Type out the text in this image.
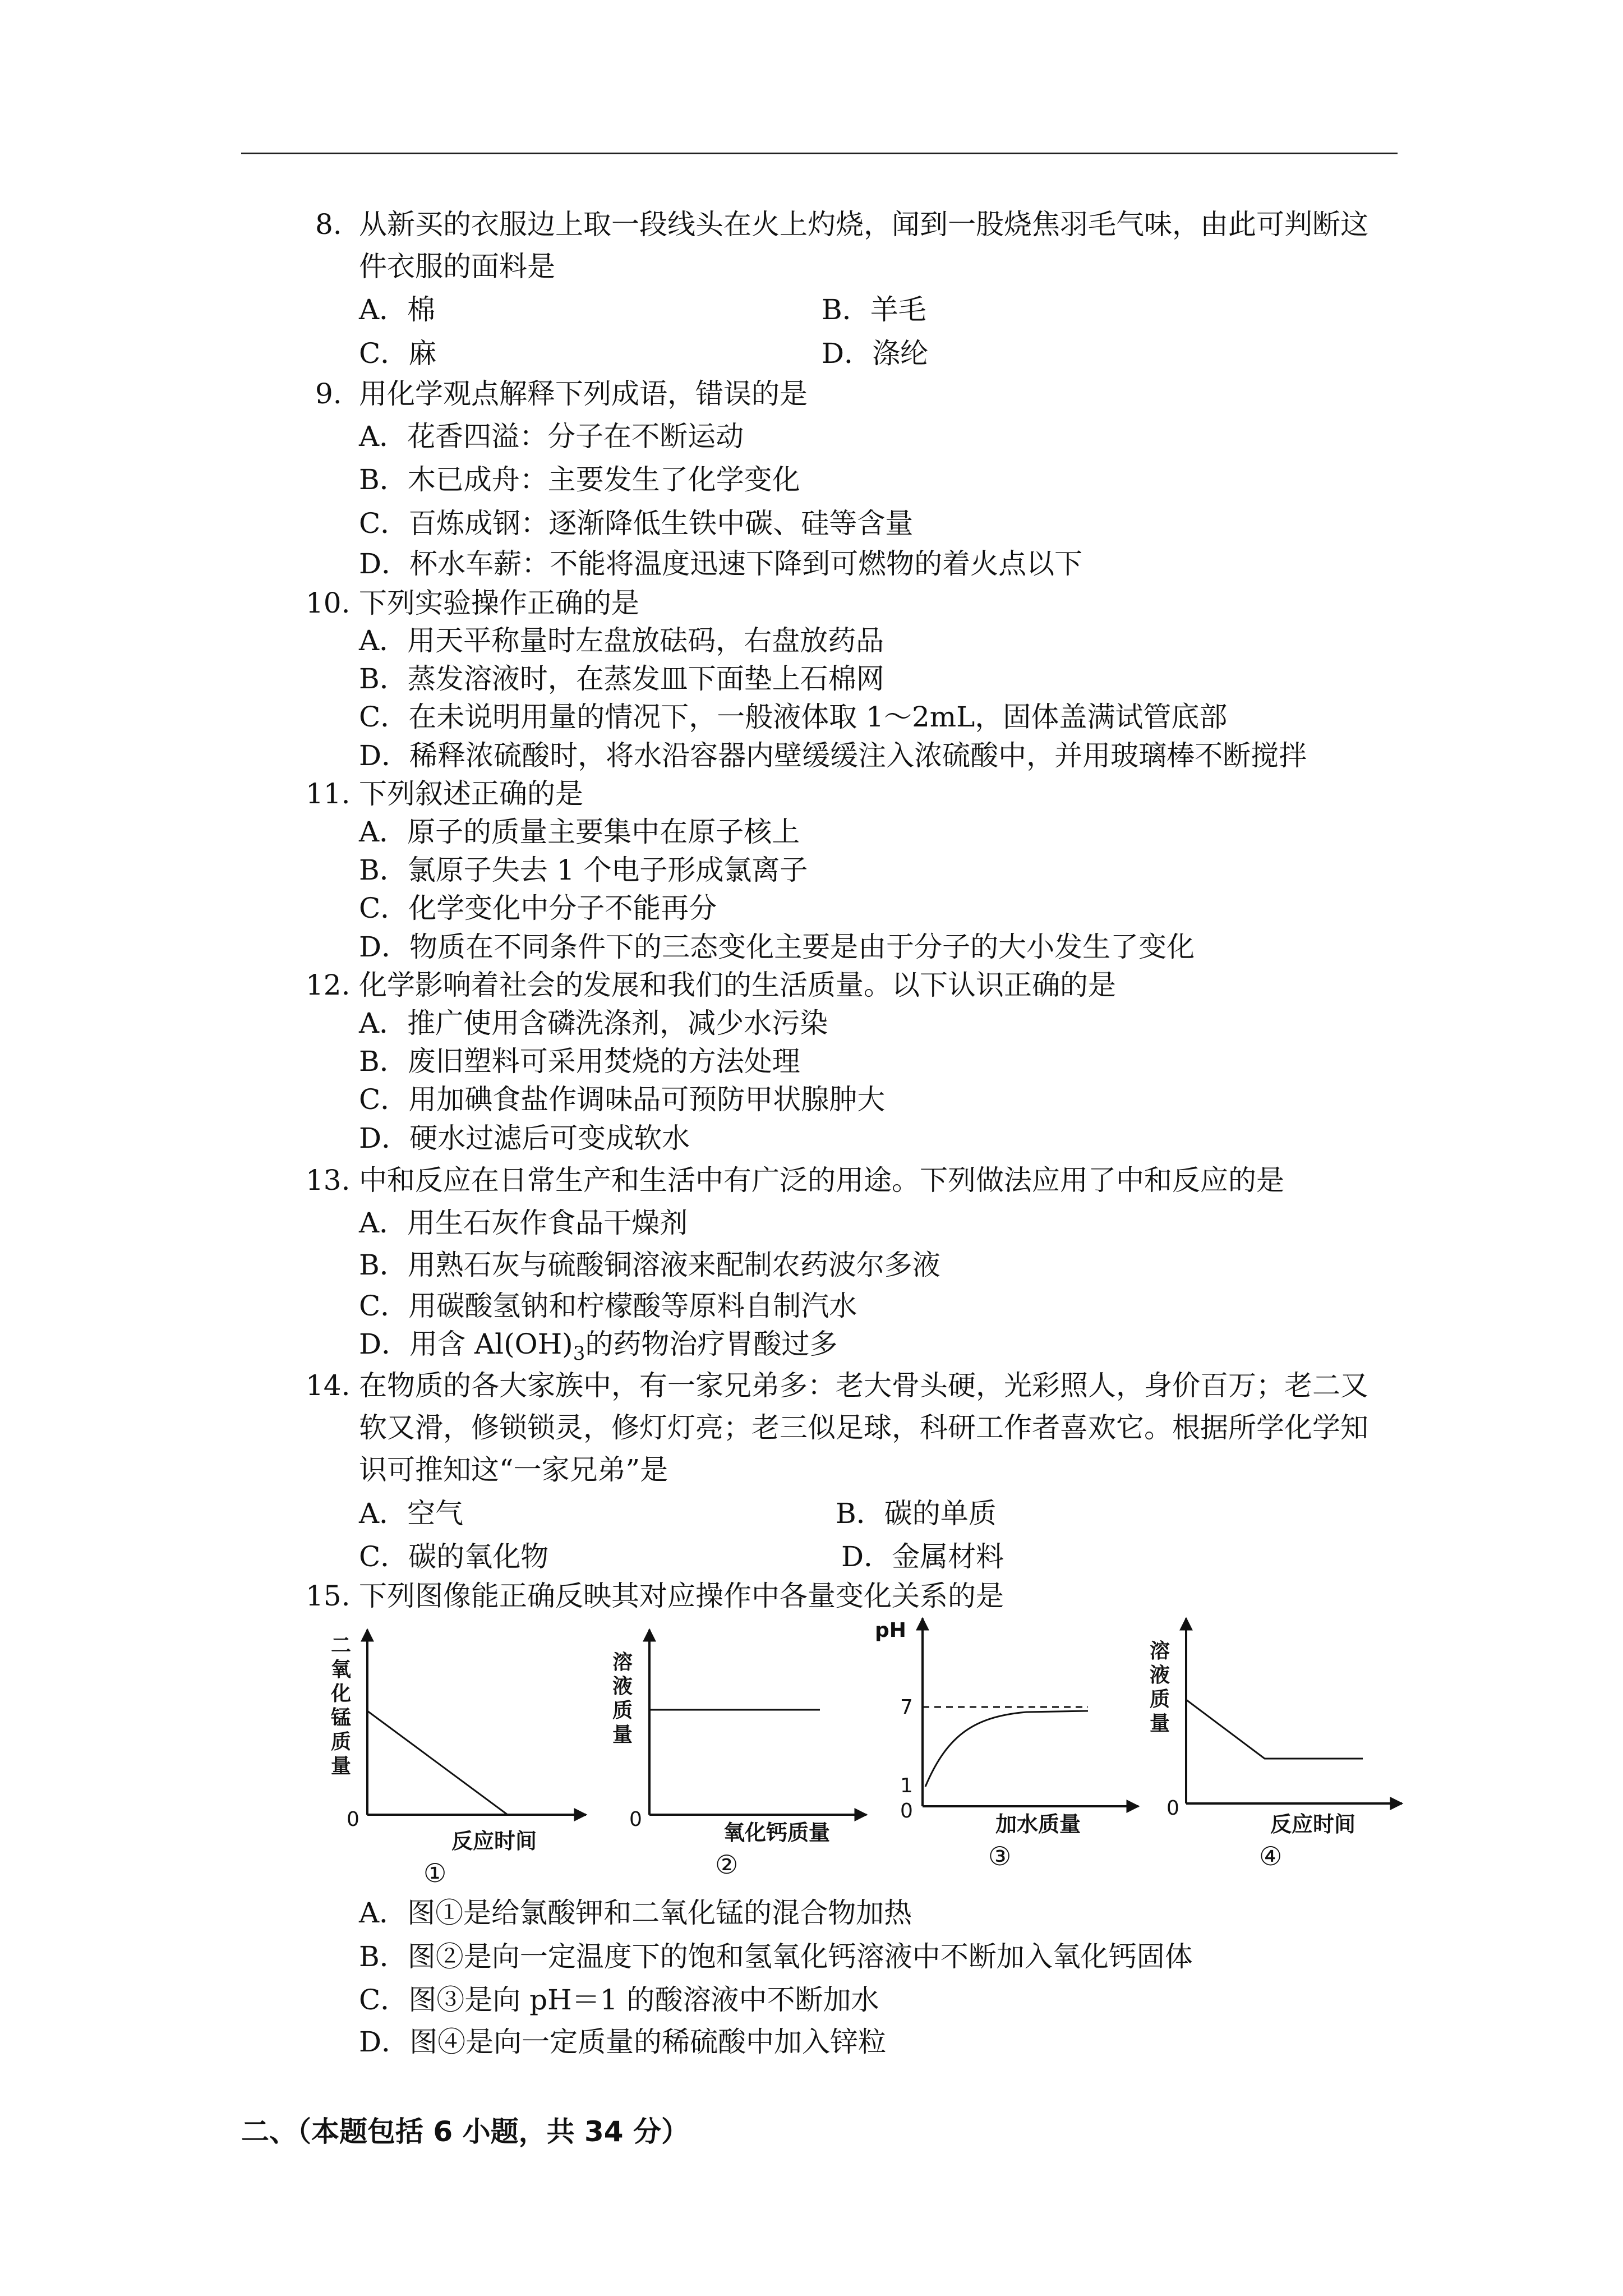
8. 从新买的衣服边上取一段线头在火上灼烧，闻到一股烧焦羽毛气味，由此可判断这
件衣服的面料是
A．棉	B．羊毛
C．麻	D．涤纶
9. 用化学观点解释下列成语，错误的是
A．花香四溢：分子在不断运动
B．木已成舟：主要发生了化学变化
C．百炼成钢：逐渐降低生铁中碳、硅等含量
D．杯水车薪：不能将温度迅速下降到可燃物的着火点以下
10. 下列实验操作正确的是
A．用天平称量时左盘放砝码，右盘放药品
B．蒸发溶液时，在蒸发皿下面垫上石棉网
C．在未说明用量的情况下，一般液体取 1～2mL，固体盖满试管底部
D．稀释浓硫酸时，将水沿容器内壁缓缓注入浓硫酸中，并用玻璃棒不断搅拌
11. 下列叙述正确的是
A．原子的质量主要集中在原子核上
B．氯原子失去 1 个电子形成氯离子
C．化学变化中分子不能再分
D．物质在不同条件下的三态变化主要是由于分子的大小发生了变化
12. 化学影响着社会的发展和我们的生活质量。以下认识正确的是
A．推广使用含磷洗涤剂，减少水污染
B．废旧塑料可采用焚烧的方法处理
C．用加碘食盐作调味品可预防甲状腺肿大
D．硬水过滤后可变成软水
13. 中和反应在日常生产和生活中有广泛的用途。下列做法应用了中和反应的是
A．用生石灰作食品干燥剂
B．用熟石灰与硫酸铜溶液来配制农药波尔多液
C．用碳酸氢钠和柠檬酸等原料自制汽水
D．用含 $Al(OH)_3$的药物治疗胃酸过多
14. 在物质的各大家族中，有一家兄弟多：老大骨头硬，光彩照人，身价百万；老二又
软又滑，修锁锁灵，修灯灯亮；老三似足球，科研工作者喜欢它。根据所学化学知
识可推知这“一家兄弟”是
A．空气	B．碳的单质
C．碳的氧化物	D．金属材料
15. 下列图像能正确反映其对应操作中各量变化关系的是
二
氧
化
锰
质
量
0
反应时间
①
溶
液
质
量
0
氧化钙质量
②
pH
7
1
0
加水质量
③
溶
液
质
量
0
反应时间
④
A．图①是给氯酸钾和二氧化锰的混合物加热
B．图②是向一定温度下的饱和氢氧化钙溶液中不断加入氧化钙固体
C．图③是向 pH＝1 的酸溶液中不断加水
D．图④是向一定质量的稀硫酸中加入锌粒
二、（本题包括 6 小题，共 34 分）
